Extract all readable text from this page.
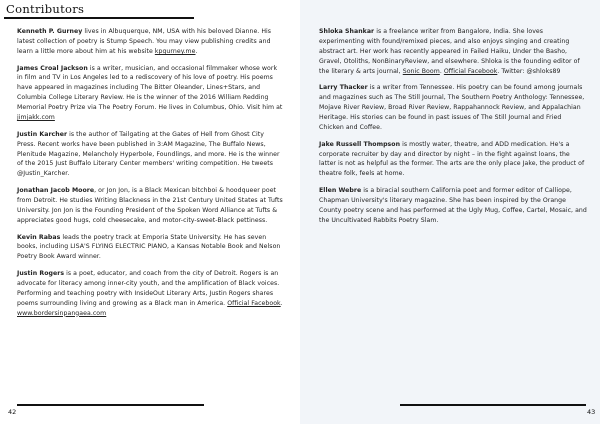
Contributors

Kenneth P. Gurney lives in Albuquerque, NM, USA with his beloved Dianne. His latest collection of poetry is Stump Speech. You may view publishing credits and learn a little more about him at his website kpgurney.me.

James Croal Jackson is a writer, musician, and occasional filmmaker whose work in film and TV in Los Angeles led to a rediscovery of his love of poetry. His poems have appeared in magazines including The Bitter Oleander, Lines+Stars, and Columbia College Literary Review. He is the winner of the 2016 William Redding Memorial Poetry Prize via The Poetry Forum. He lives in Columbus, Ohio. Visit him at jimjakk.com

Justin Karcher is the author of Tailgating at the Gates of Hell from Ghost City Press. Recent works have been published in 3:AM Magazine, The Buffalo News, Plenitude Magazine, Melancholy Hyperbole, Foundlings, and more. He is the winner of the 2015 Just Buffalo Literary Center members' writing competition. He tweets @Justin_Karcher.

Jonathan Jacob Moore, or Jon Jon, is a Black Mexican bitchboi & hoodqueer poet from Detroit. He studies Writing Blackness in the 21st Century United States at Tufts University. Jon Jon is the Founding President of the Spoken Word Alliance at Tufts & appreciates good hugs, cold cheesecake, and motor-city-sweet-Black pettiness.

Kevin Rabas leads the poetry track at Emporia State University. He has seven books, including LISA'S FLYING ELECTRIC PIANO, a Kansas Notable Book and Nelson Poetry Book Award winner.

Justin Rogers is a poet, educator, and coach from the city of Detroit. Rogers is an advocate for literacy among inner-city youth, and the amplification of Black voices. Performing and teaching poetry with InsideOut Literary Arts, Justin Rogers shares poems surrounding living and growing as a Black man in America. Official Facebook.
www.bordersinpangaea.com

42

Shloka Shankar is a freelance writer from Bangalore, India. She loves experimenting with found/remixed pieces, and also enjoys singing and creating abstract art. Her work has recently appeared in Failed Haiku, Under the Basho, Gravel, Otoliths, NonBinaryReview, and elsewhere. Shloka is the founding editor of the literary & arts journal, Sonic Boom. Official Facebook. Twitter: @shloks89

Larry Thacker is a writer from Tennessee. His poetry can be found among journals and magazines such as The Still Journal, The Southern Poetry Anthology: Tennessee, Mojave River Review, Broad River Review, Rappahannock Review, and Appalachian Heritage. His stories can be found in past issues of The Still Journal and Fried Chicken and Coffee.

Jake Russell Thompson is mostly water, theatre, and ADD medication. He's a corporate recruiter by day and director by night – in the fight against loans, the latter is not as helpful as the former. The arts are the only place Jake, the product of theatre folk, feels at home.

Ellen Webre is a biracial southern California poet and former editor of Calliope, Chapman University's literary magazine. She has been inspired by the Orange County poetry scene and has performed at the Ugly Mug, Coffee, Cartel, Mosaic, and the Uncultivated Rabbits Poetry Slam.

43
